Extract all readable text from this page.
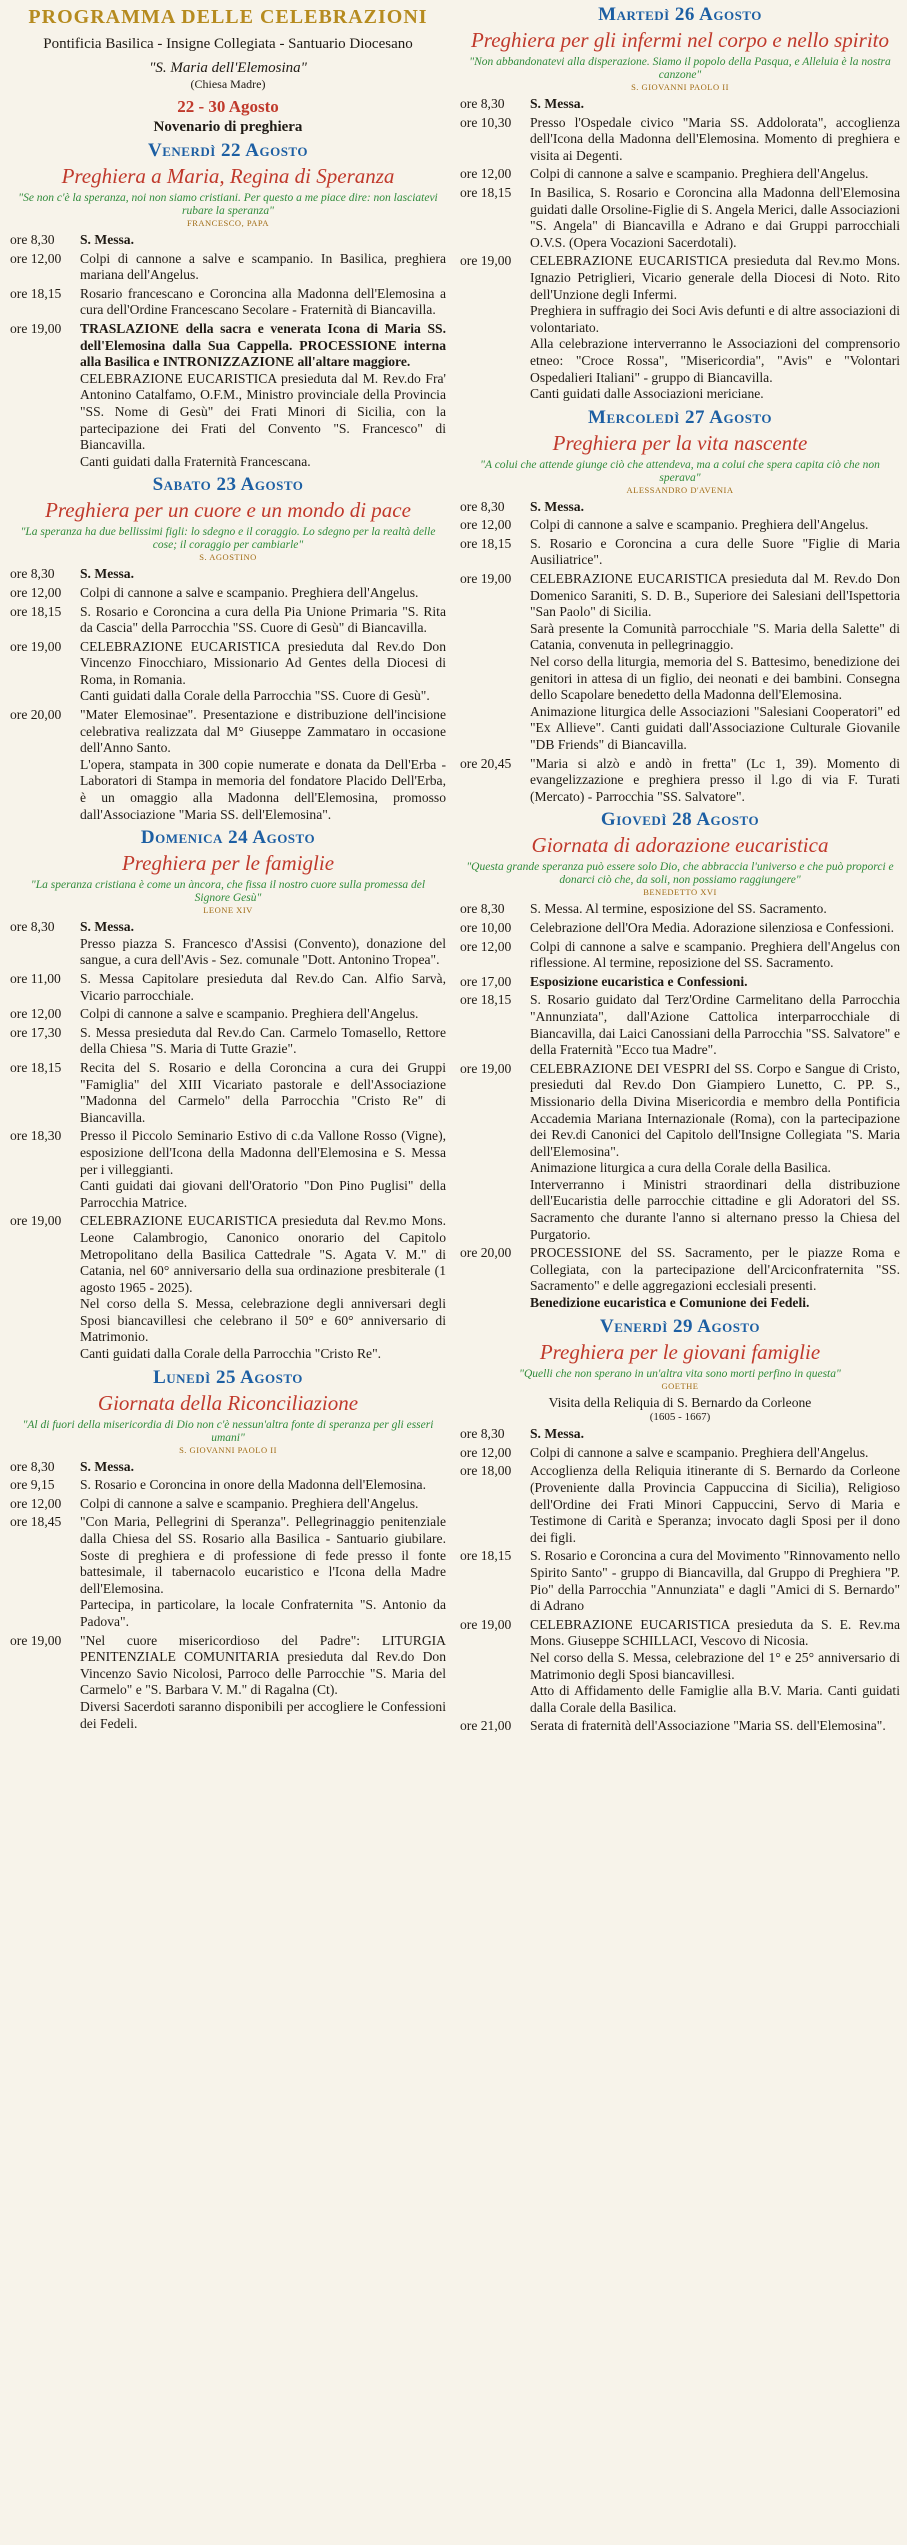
PROGRAMMA DELLE CELEBRAZIONI
Pontificia Basilica - Insigne Collegiata - Santuario Diocesano
"S. Maria dell'Elemosina"
(Chiesa Madre)
22 - 30 Agosto
Novenario di preghiera
Venerdì 22 Agosto
Preghiera a Maria, Regina di Speranza
"Se non c'è la speranza, noi non siamo cristiani. Per questo a me piace dire: non lasciatevi rubare la speranza"
FRANCESCO, PAPA
ore 8,30	S. Messa.
ore 12,00	Colpi di cannone a salve e scampanio. In Basilica, preghiera mariana dell'Angelus.
ore 18,15	Rosario francescano e Coroncina alla Madonna dell'Elemosina a cura dell'Ordine Francescano Secolare - Fraternità di Biancavilla.
ore 19,00	TRASLAZIONE della sacra e venerata Icona di Maria SS. dell'Elemosina dalla Sua Cappella. PROCESSIONE interna alla Basilica e INTRONIZZAZIONE all'altare maggiore.
CELEBRAZIONE EUCARISTICA presieduta dal M. Rev.do Fra' Antonino Catalfamo, O.F.M., Ministro provinciale della Provincia "SS. Nome di Gesù" dei Frati Minori di Sicilia, con la partecipazione dei Frati del Convento "S. Francesco" di Biancavilla.
Canti guidati dalla Fraternità Francescana.
Sabato 23 Agosto
Preghiera per un cuore e un mondo di pace
"La speranza ha due bellissimi figli: lo sdegno e il coraggio. Lo sdegno per la realtà delle cose; il coraggio per cambiarle"
S. AGOSTINO
ore 8,30	S. Messa.
ore 12,00	Colpi di cannone a salve e scampanio. Preghiera dell'Angelus.
ore 18,15	S. Rosario e Coroncina a cura della Pia Unione Primaria "S. Rita da Cascia" della Parrocchia "SS. Cuore di Gesù" di Biancavilla.
ore 19,00	CELEBRAZIONE EUCARISTICA presieduta dal Rev.do Don Vincenzo Finocchiaro, Missionario Ad Gentes della Diocesi di Roma, in Romania.
Canti guidati dalla Corale della Parrocchia "SS. Cuore di Gesù".
ore 20,00	"Mater Elemosinae". Presentazione e distribuzione dell'incisione celebrativa realizzata dal M° Giuseppe Zammataro in occasione dell'Anno Santo.
L'opera, stampata in 300 copie numerate e donata da Dell'Erba - Laboratori di Stampa in memoria del fondatore Placido Dell'Erba, è un omaggio alla Madonna dell'Elemosina, promosso dall'Associazione "Maria SS. dell'Elemosina".
Domenica 24 Agosto
Preghiera per le famiglie
"La speranza cristiana è come un àncora, che fissa il nostro cuore sulla promessa del Signore Gesù"
LEONE XIV
ore 8,30	S. Messa.
Presso piazza S. Francesco d'Assisi (Convento), donazione del sangue, a cura dell'Avis - Sez. comunale "Dott. Antonino Tropea".
ore 11,00	S. Messa Capitolare presieduta dal Rev.do Can. Alfio Sarvà, Vicario parrocchiale.
ore 12,00	Colpi di cannone a salve e scampanio. Preghiera dell'Angelus.
ore 17,30	S. Messa presieduta dal Rev.do Can. Carmelo Tomasello, Rettore della Chiesa "S. Maria di Tutte Grazie".
ore 18,15	Recita del S. Rosario e della Coroncina a cura dei Gruppi "Famiglia" del XIII Vicariato pastorale e dell'Associazione "Madonna del Carmelo" della Parrocchia "Cristo Re" di Biancavilla.
ore 18,30	Presso il Piccolo Seminario Estivo di c.da Vallone Rosso (Vigne), esposizione dell'Icona della Madonna dell'Elemosina e S. Messa per i villeggianti.
Canti guidati dai giovani dell'Oratorio "Don Pino Puglisi" della Parrocchia Matrice.
ore 19,00	CELEBRAZIONE EUCARISTICA presieduta dal Rev.mo Mons. Leone Calambrogio, Canonico onorario del Capitolo Metropolitano della Basilica Cattedrale "S. Agata V. M." di Catania, nel 60° anniversario della sua ordinazione presbiterale (1 agosto 1965 - 2025).
Nel corso della S. Messa, celebrazione degli anniversari degli Sposi biancavillesi che celebrano il 50° e 60° anniversario di Matrimonio.
Canti guidati dalla Corale della Parrocchia "Cristo Re".
Lunedì 25 Agosto
Giornata della Riconciliazione
"Al di fuori della misericordia di Dio non c'è nessun'altra fonte di speranza per gli esseri umani"
S. GIOVANNI PAOLO II
ore 8,30	S. Messa.
ore 9,15	S. Rosario e Coroncina in onore della Madonna dell'Elemosina.
ore 12,00	Colpi di cannone a salve e scampanio. Preghiera dell'Angelus.
ore 18,45	"Con Maria, Pellegrini di Speranza". Pellegrinaggio penitenziale dalla Chiesa del SS. Rosario alla Basilica - Santuario giubilare. Soste di preghiera e di professione di fede presso il fonte battesimale, il tabernacolo eucaristico e l'Icona della Madre dell'Elemosina.
Partecipa, in particolare, la locale Confraternita "S. Antonio da Padova".
ore 19,00	"Nel cuore misericordioso del Padre": LITURGIA PENITENZIALE COMUNITARIA presieduta dal Rev.do Don Vincenzo Savio Nicolosi, Parroco delle Parrocchie "S. Maria del Carmelo" e "S. Barbara V. M." di Ragalna (Ct).
Diversi Sacerdoti saranno disponibili per accogliere le Confessioni dei Fedeli.
Martedì 26 Agosto
Preghiera per gli infermi nel corpo e nello spirito
"Non abbandonatevi alla disperazione. Siamo il popolo della Pasqua, e Alleluia è la nostra canzone"
S. GIOVANNI PAOLO II
ore 8,30	S. Messa.
ore 10,30	Presso l'Ospedale civico "Maria SS. Addolorata", accoglienza dell'Icona della Madonna dell'Elemosina. Momento di preghiera e visita ai Degenti.
ore 12,00	Colpi di cannone a salve e scampanio. Preghiera dell'Angelus.
ore 18,15	In Basilica, S. Rosario e Coroncina alla Madonna dell'Elemosina guidati dalle Orsoline-Figlie di S. Angela Merici, dalle Associazioni "S. Angela" di Biancavilla e Adrano e dai Gruppi parrocchiali O.V.S. (Opera Vocazioni Sacerdotali).
ore 19,00	CELEBRAZIONE EUCARISTICA presieduta dal Rev.mo Mons. Ignazio Petriglieri, Vicario generale della Diocesi di Noto. Rito dell'Unzione degli Infermi.
Preghiera in suffragio dei Soci Avis defunti e di altre associazioni di volontariato.
Alla celebrazione interverranno le Associazioni del comprensorio etneo: "Croce Rossa", "Misericordia", "Avis" e "Volontari Ospedalieri Italiani" - gruppo di Biancavilla.
Canti guidati dalle Associazioni mericiane.
Mercoledì 27 Agosto
Preghiera per la vita nascente
"A colui che attende giunge ciò che attendeva, ma a colui che spera capita ciò che non sperava"
ALESSANDRO D'AVENIA
ore 8,30	S. Messa.
ore 12,00	Colpi di cannone a salve e scampanio. Preghiera dell'Angelus.
ore 18,15	S. Rosario e Coroncina a cura delle Suore "Figlie di Maria Ausiliatrice".
ore 19,00	CELEBRAZIONE EUCARISTICA presieduta dal M. Rev.do Don Domenico Saraniti, S. D. B., Superiore dei Salesiani dell'Ispettoria "San Paolo" di Sicilia.
Sarà presente la Comunità parrocchiale "S. Maria della Salette" di Catania, convenuta in pellegrinaggio.
Nel corso della liturgia, memoria del S. Battesimo, benedizione dei genitori in attesa di un figlio, dei neonati e dei bambini. Consegna dello Scapolare benedetto della Madonna dell'Elemosina.
Animazione liturgica delle Associazioni "Salesiani Cooperatori" ed "Ex Allieve". Canti guidati dall'Associazione Culturale Giovanile "DB Friends" di Biancavilla.
ore 20,45	"Maria si alzò e andò in fretta" (Lc 1, 39). Momento di evangelizzazione e preghiera presso il l.go di via F. Turati (Mercato) - Parrocchia "SS. Salvatore".
Giovedì 28 Agosto
Giornata di adorazione eucaristica
"Questa grande speranza può essere solo Dio, che abbraccia l'universo e che può proporci e donarci ciò che, da soli, non possiamo raggiungere"
BENEDETTO XVI
ore 8,30	S. Messa. Al termine, esposizione del SS. Sacramento.
ore 10,00	Celebrazione dell'Ora Media. Adorazione silenziosa e Confessioni.
ore 12,00	Colpi di cannone a salve e scampanio. Preghiera dell'Angelus con riflessione. Al termine, reposizione del SS. Sacramento.
ore 17,00	Esposizione eucaristica e Confessioni.
ore 18,15	S. Rosario guidato dal Terz'Ordine Carmelitano della Parrocchia "Annunziata", dall'Azione Cattolica interparrocchiale di Biancavilla, dai Laici Canossiani della Parrocchia "SS. Salvatore" e della Fraternità "Ecco tua Madre".
ore 19,00	CELEBRAZIONE DEI VESPRI del SS. Corpo e Sangue di Cristo, presieduti dal Rev.do Don Giampiero Lunetto, C. PP. S., Missionario della Divina Misericordia e membro della Pontificia Accademia Mariana Internazionale (Roma), con la partecipazione dei Rev.di Canonici del Capitolo dell'Insigne Collegiata "S. Maria dell'Elemosina".
Animazione liturgica a cura della Corale della Basilica.
Interverranno i Ministri straordinari della distribuzione dell'Eucaristia delle parrocchie cittadine e gli Adoratori del SS. Sacramento che durante l'anno si alternano presso la Chiesa del Purgatorio.
ore 20,00	PROCESSIONE del SS. Sacramento, per le piazze Roma e Collegiata, con la partecipazione dell'Arciconfraternita "SS. Sacramento" e delle aggregazioni ecclesiali presenti.
Benedizione eucaristica e Comunione dei Fedeli.
Venerdì 29 Agosto
Preghiera per le giovani famiglie
"Quelli che non sperano in un'altra vita sono morti perfino in questa"
GOETHE
Visita della Reliquia di S. Bernardo da Corleone
(1605 - 1667)
ore 8,30	S. Messa.
ore 12,00	Colpi di cannone a salve e scampanio. Preghiera dell'Angelus.
ore 18,00	Accoglienza della Reliquia itinerante di S. Bernardo da Corleone (Proveniente dalla Provincia Cappuccina di Sicilia), Religioso dell'Ordine dei Frati Minori Cappuccini, Servo di Maria e Testimone di Carità e Speranza; invocato dagli Sposi per il dono dei figli.
ore 18,15	S. Rosario e Coroncina a cura del Movimento "Rinnovamento nello Spirito Santo" - gruppo di Biancavilla, dal Gruppo di Preghiera "P. Pio" della Parrocchia "Annunziata" e dagli "Amici di S. Bernardo" di Adrano
ore 19,00	CELEBRAZIONE EUCARISTICA presieduta da S. E. Rev.ma Mons. Giuseppe SCHILLACI, Vescovo di Nicosia.
Nel corso della S. Messa, celebrazione del 1° e 25° anniversario di Matrimonio degli Sposi biancavillesi.
Atto di Affidamento delle Famiglie alla B.V. Maria. Canti guidati dalla Corale della Basilica.
ore 21,00	Serata di fraternità dell'Associazione "Maria SS. dell'Elemosina".
